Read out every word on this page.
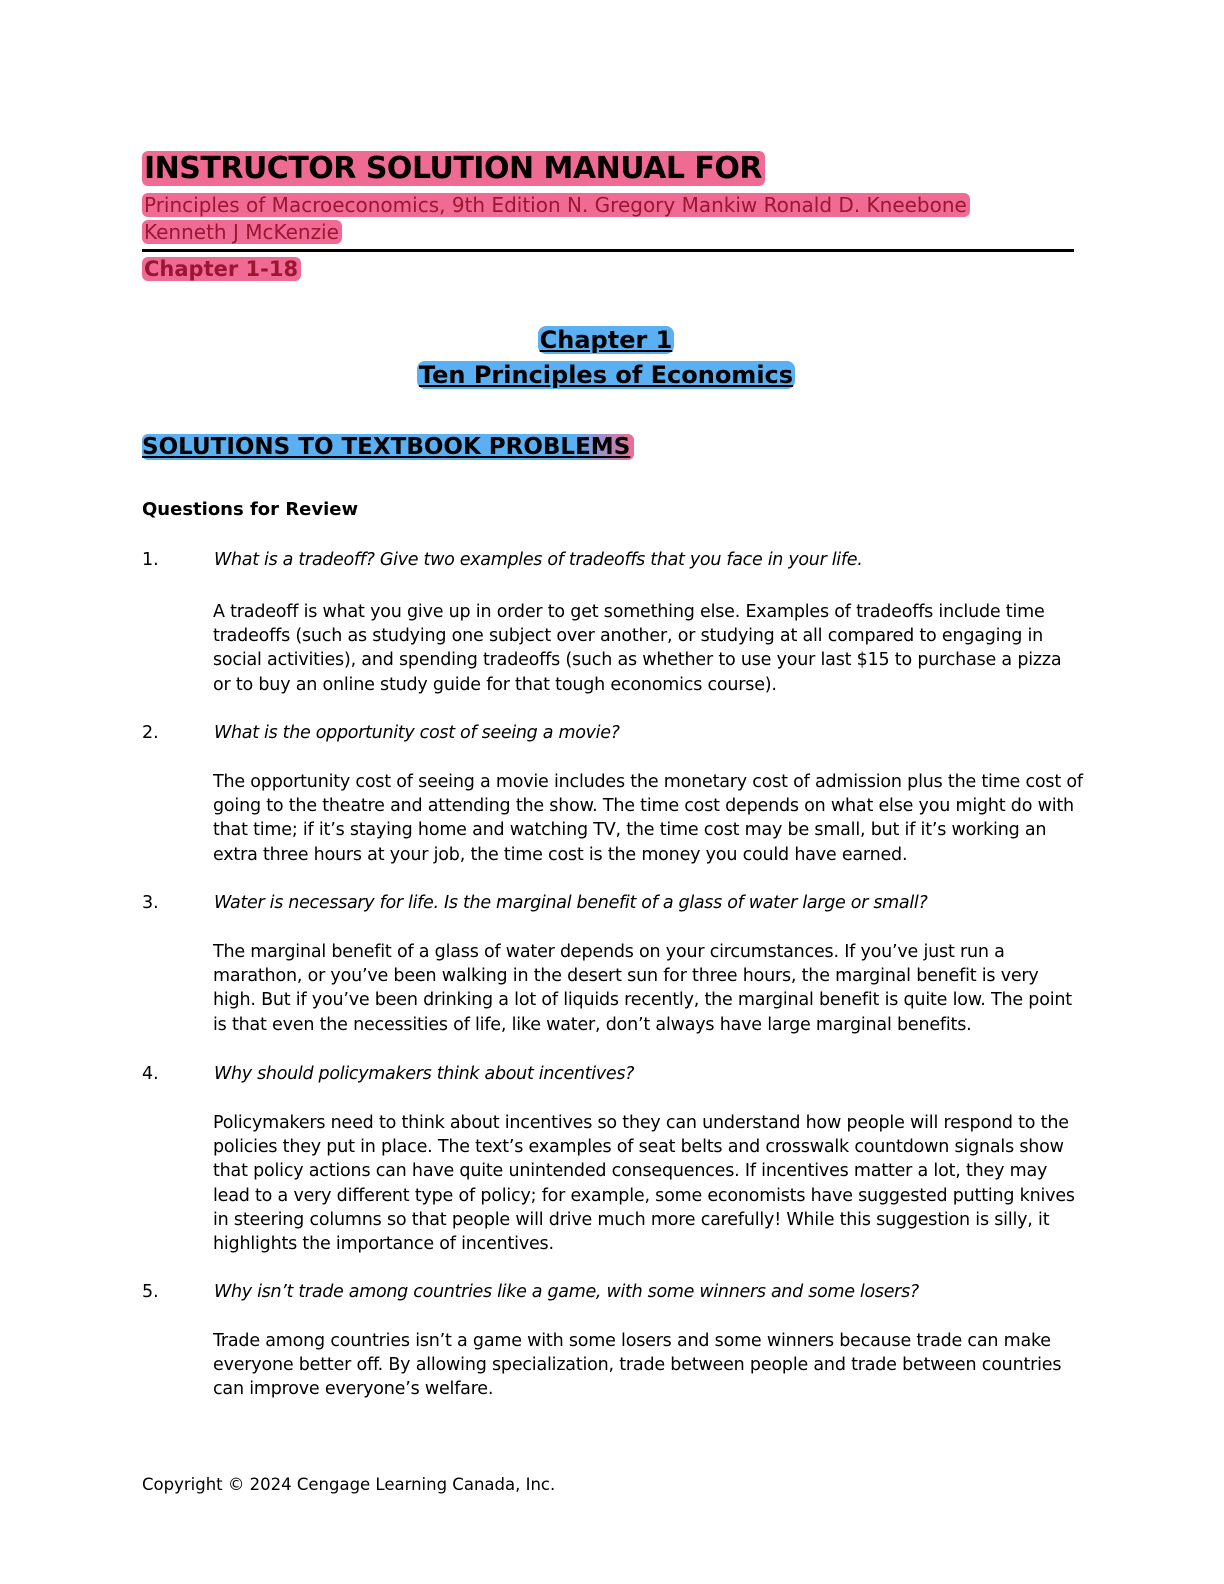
INSTRUCTOR SOLUTION MANUAL FOR
Principles of Macroeconomics, 9th Edition N. Gregory Mankiw Ronald D. Kneebone Kenneth J McKenzie
Chapter 1-18
Chapter 1
Ten Principles of Economics
SOLUTIONS TO TEXTBOOK PROBLEMS
Questions for Review
1.	What is a tradeoff? Give two examples of tradeoffs that you face in your life.
A tradeoff is what you give up in order to get something else. Examples of tradeoffs include time tradeoffs (such as studying one subject over another, or studying at all compared to engaging in social activities), and spending tradeoffs (such as whether to use your last $15 to purchase a pizza or to buy an online study guide for that tough economics course).
2.	What is the opportunity cost of seeing a movie?
The opportunity cost of seeing a movie includes the monetary cost of admission plus the time cost of going to the theatre and attending the show. The time cost depends on what else you might do with that time; if it’s staying home and watching TV, the time cost may be small, but if it’s working an extra three hours at your job, the time cost is the money you could have earned.
3.	Water is necessary for life. Is the marginal benefit of a glass of water large or small?
The marginal benefit of a glass of water depends on your circumstances. If you’ve just run a marathon, or you’ve been walking in the desert sun for three hours, the marginal benefit is very high. But if you’ve been drinking a lot of liquids recently, the marginal benefit is quite low. The point is that even the necessities of life, like water, don’t always have large marginal benefits.
4.	Why should policymakers think about incentives?
Policymakers need to think about incentives so they can understand how people will respond to the policies they put in place. The text’s examples of seat belts and crosswalk countdown signals show that policy actions can have quite unintended consequences. If incentives matter a lot, they may lead to a very different type of policy; for example, some economists have suggested putting knives in steering columns so that people will drive much more carefully! While this suggestion is silly, it highlights the importance of incentives.
5.	Why isn’t trade among countries like a game, with some winners and some losers?
Trade among countries isn’t a game with some losers and some winners because trade can make everyone better off. By allowing specialization, trade between people and trade between countries can improve everyone’s welfare.
Copyright © 2024 Cengage Learning Canada, Inc.
